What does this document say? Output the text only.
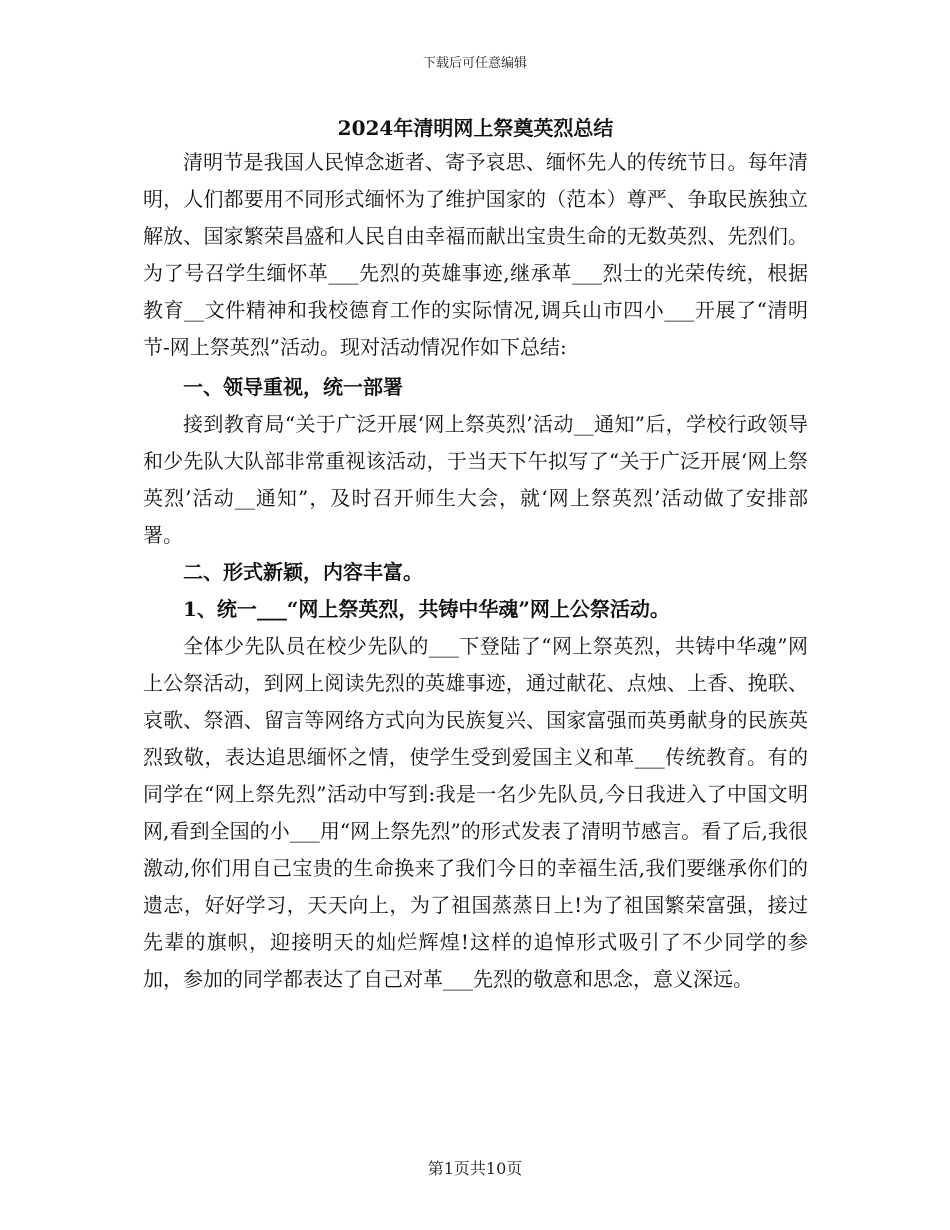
下载后可任意编辑
2024年清明网上祭奠英烈总结

清明节是我国人民悼念逝者、寄予哀思、缅怀先人的传统节日。每年清明，人们都要用不同形式缅怀为了维护国家的（范本）尊严、争取民族独立解放、国家繁荣昌盛和人民自由幸福而献出宝贵生命的无数英烈、先烈们。为了号召学生缅怀革___先烈的英雄事迹,继承革___烈士的光荣传统，根据教育__文件精神和我校德育工作的实际情况,调兵山市四小___开展了“清明节-网上祭英烈”活动。现对活动情况作如下总结:

一、领导重视，统一部署

接到教育局“关于广泛开展‘网上祭英烈’活动__通知”后，学校行政领导和少先队大队部非常重视该活动，于当天下午拟写了“关于广泛开展‘网上祭英烈’活动__通知”，及时召开师生大会，就‘网上祭英烈’活动做了安排部署。

二、形式新颖，内容丰富。

1、统一___“网上祭英烈，共铸中华魂”网上公祭活动。

全体少先队员在校少先队的___下登陆了“网上祭英烈，共铸中华魂”网上公祭活动，到网上阅读先烈的英雄事迹，通过献花、点烛、上香、挽联、哀歌、祭酒、留言等网络方式向为民族复兴、国家富强而英勇献身的民族英烈致敬，表达追思缅怀之情，使学生受到爱国主义和革___传统教育。有的同学在“网上祭先烈”活动中写到:我是一名少先队员,今日我进入了中国文明网,看到全国的小___用“网上祭先烈”的形式发表了清明节感言。看了后,我很激动,你们用自己宝贵的生命换来了我们今日的幸福生活,我们要继承你们的遗志，好好学习，天天向上，为了祖国蒸蒸日上!为了祖国繁荣富强，接过先辈的旗帜，迎接明天的灿烂辉煌!这样的追悼形式吸引了不少同学的参加，参加的同学都表达了自己对革___先烈的敬意和思念，意义深远。

第1页共10页
